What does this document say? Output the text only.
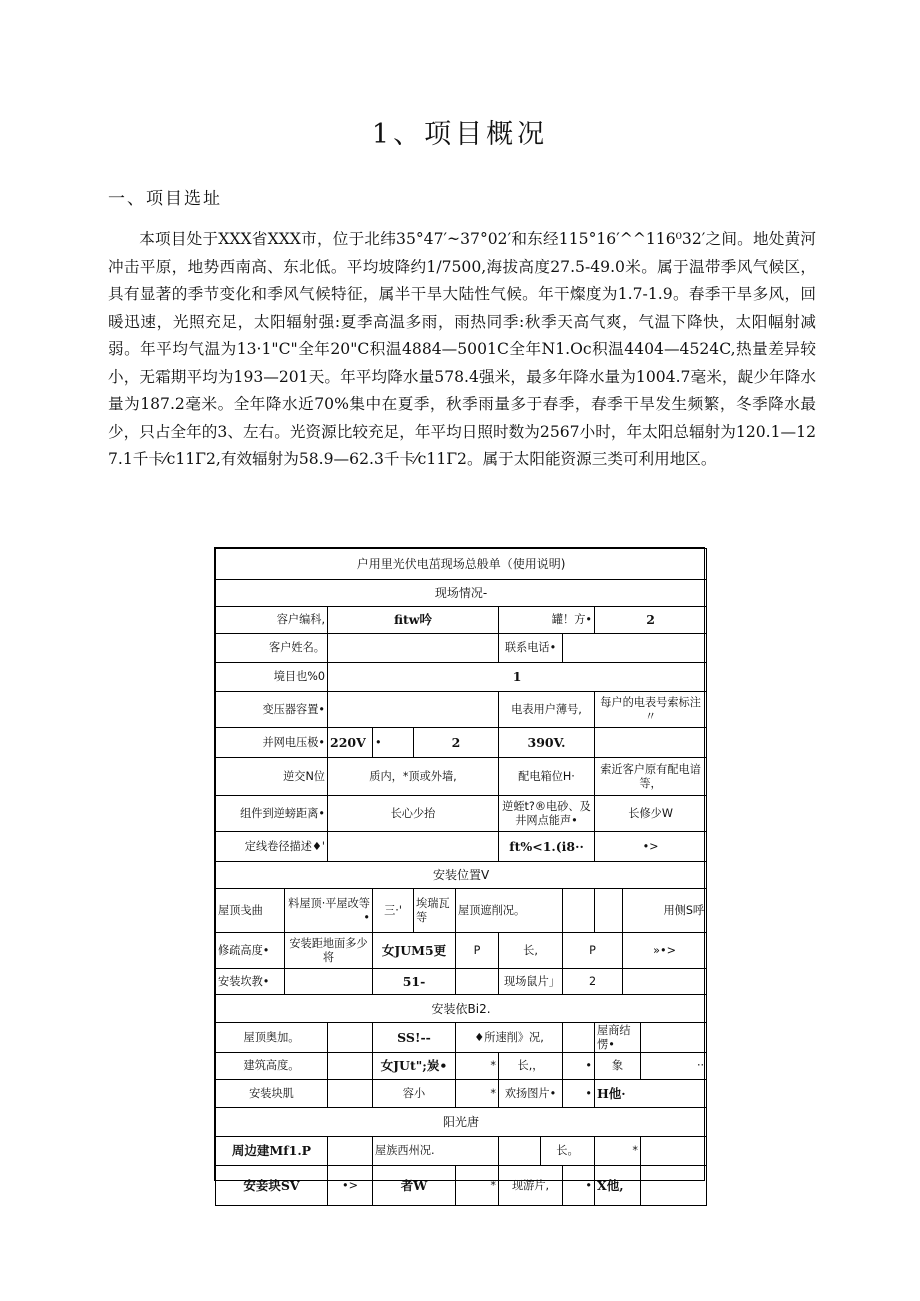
1、项目概况
一、项目选址

本项目处于XXX省XXX市，位于北纬35°47′~37°02′和东经115°16′^^116⁰32′之间。地处黄河冲击平原，地势西南高、东北低。平均坡降约1/7500,海拔高度27.5-49.0米。属于温带季风气候区，具有显著的季节变化和季风气候特征，属半干旱大陆性气候。年干燦度为1.7-1.9。春季干旱多风，回暖迅速，光照充足，太阳辐射强:夏季高温多雨，雨热同季:秋季天高气爽，气温下降快，太阳幅射减弱。年平均气温为13·1"C"全年20"C积温4884—5001C全年N1.Oc积温4404—4524C,热量差异较小，无霜期平均为193—201天。年平均降水量578.4强米，最多年降水量为1004.7毫米，龊少年降水量为187.2毫米。全年降水近70%集中在夏季，秋季雨量多于春季，春季干旱发生频繁，冬季降水最少，只占全年的3、左右。光资源比较充足，年平均日照时数为2567小时，年太阳总辐射为120.1—127.1千卡⁄c11Γ2,有效辐射为58.9—62.3千卡⁄c11Γ2。属于太阳能资源三类可利用地区。

户用里光伏电茁现场总般单（使用说明)												
现场情况-												
容户编科,		fitw吟				罐！方•			2			
客户姓名。						联系电话•						
境目也%0		1										
变压器容置•						电表用户薄号,			每户的电表号索标注〃			
并网电压极•		220V	•	2		390V.						
逆交N位		质内，*顶或外墙,				配电箱位H·			索近客户原有配电谙等，			
组件到逆螃距离•		长心少抬				逆蛭t?®电砂、及井网点能声•			长修少W			
定线卷径描述♦'						ft%<1.(i8··			•>			
安装位置V												
屋顶戋曲	料屋顶·平屋改等•		三·'	埃瑞瓦等	屋顶遮削况。					用侧S呼	
修疏高度•	安装距地面多少将		女JUM5更		P	长,		P		»•>		
安装坎教•			51-			现场鼠片」		2				
安装依Bi2.												
屋顶奥加。			SS!--		♦所速削》况,				屋商结愣•			
建筑高度。			女JUt";炭•		*	长,，		•	象		··	
安装块肌			容小		*	欢扬图片•		•	H他·			
阳光唐												
周边建Mf1.P			屋族西州况.				长。		*			
安妾块SV		•>	者W		*	现游片,		•	X他,			
